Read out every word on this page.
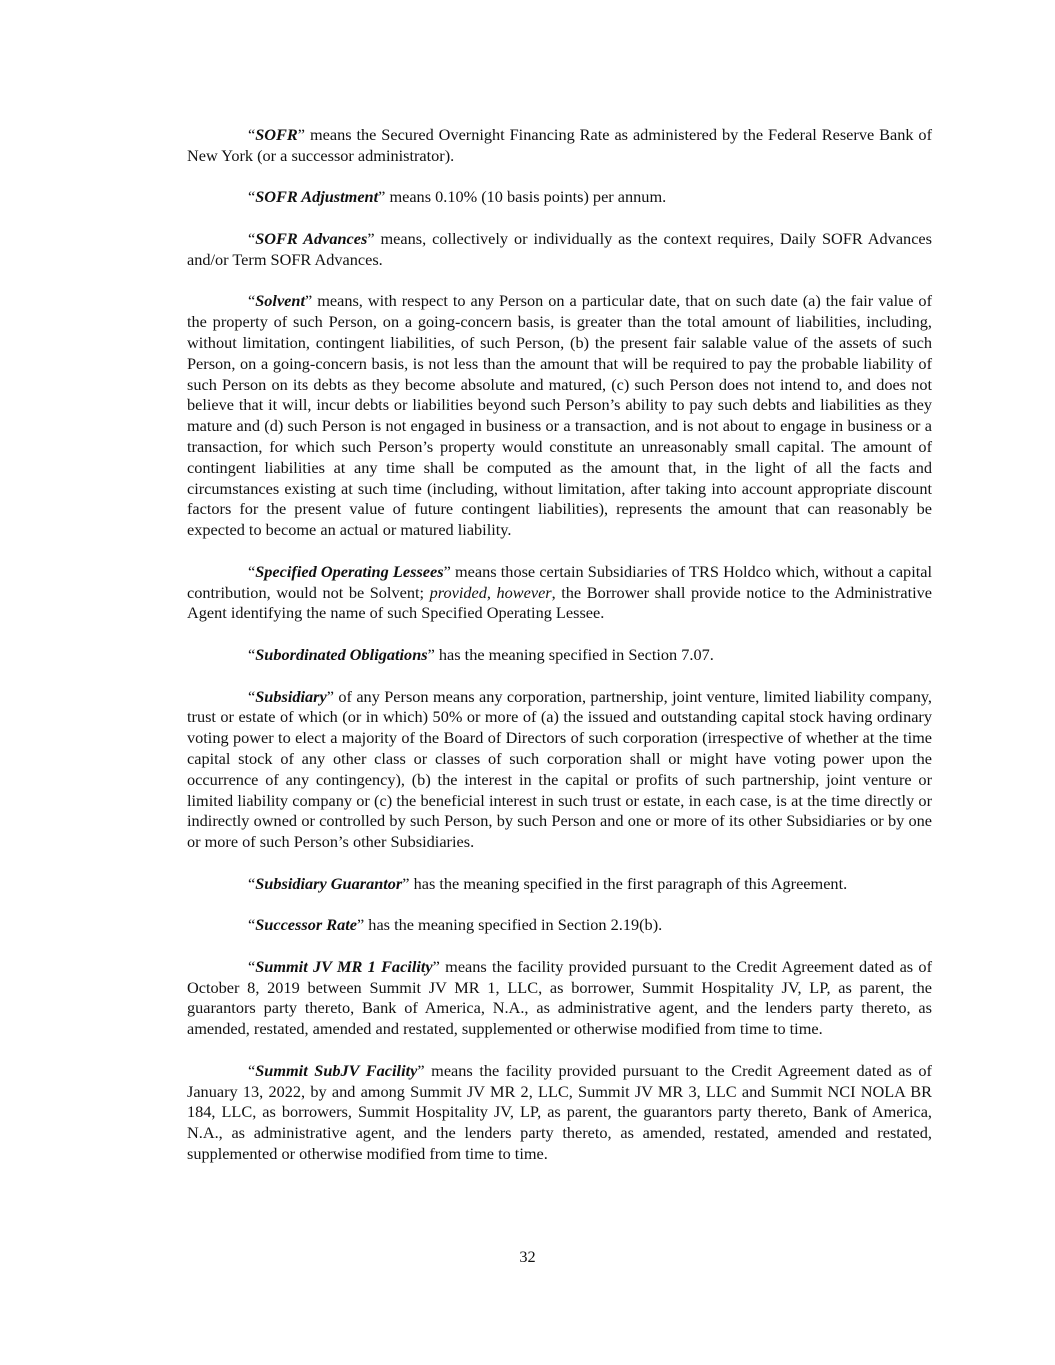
“SOFR” means the Secured Overnight Financing Rate as administered by the Federal Reserve Bank of New York (or a successor administrator).

“SOFR Adjustment” means 0.10% (10 basis points) per annum.

“SOFR Advances” means, collectively or individually as the context requires, Daily SOFR Advances and/or Term SOFR Advances.

“Solvent” means, with respect to any Person on a particular date, that on such date (a) the fair value of the property of such Person, on a going-concern basis, is greater than the total amount of liabilities, including, without limitation, contingent liabilities, of such Person, (b) the present fair salable value of the assets of such Person, on a going-concern basis, is not less than the amount that will be required to pay the probable liability of such Person on its debts as they become absolute and matured, (c) such Person does not intend to, and does not believe that it will, incur debts or liabilities beyond such Person’s ability to pay such debts and liabilities as they mature and (d) such Person is not engaged in business or a transaction, and is not about to engage in business or a transaction, for which such Person’s property would constitute an unreasonably small capital. The amount of contingent liabilities at any time shall be computed as the amount that, in the light of all the facts and circumstances existing at such time (including, without limitation, after taking into account appropriate discount factors for the present value of future contingent liabilities), represents the amount that can reasonably be expected to become an actual or matured liability.

“Specified Operating Lessees” means those certain Subsidiaries of TRS Holdco which, without a capital contribution, would not be Solvent; provided, however, the Borrower shall provide notice to the Administrative Agent identifying the name of such Specified Operating Lessee.

“Subordinated Obligations” has the meaning specified in Section 7.07.

“Subsidiary” of any Person means any corporation, partnership, joint venture, limited liability company, trust or estate of which (or in which) 50% or more of (a) the issued and outstanding capital stock having ordinary voting power to elect a majority of the Board of Directors of such corporation (irrespective of whether at the time capital stock of any other class or classes of such corporation shall or might have voting power upon the occurrence of any contingency), (b) the interest in the capital or profits of such partnership, joint venture or limited liability company or (c) the beneficial interest in such trust or estate, in each case, is at the time directly or indirectly owned or controlled by such Person, by such Person and one or more of its other Subsidiaries or by one or more of such Person’s other Subsidiaries.

“Subsidiary Guarantor” has the meaning specified in the first paragraph of this Agreement.

“Successor Rate” has the meaning specified in Section 2.19(b).

“Summit JV MR 1 Facility” means the facility provided pursuant to the Credit Agreement dated as of October 8, 2019 between Summit JV MR 1, LLC, as borrower, Summit Hospitality JV, LP, as parent, the guarantors party thereto, Bank of America, N.A., as administrative agent, and the lenders party thereto, as amended, restated, amended and restated, supplemented or otherwise modified from time to time.

“Summit SubJV Facility” means the facility provided pursuant to the Credit Agreement dated as of January 13, 2022, by and among Summit JV MR 2, LLC, Summit JV MR 3, LLC and Summit NCI NOLA BR 184, LLC, as borrowers, Summit Hospitality JV, LP, as parent, the guarantors party thereto, Bank of America, N.A., as administrative agent, and the lenders party thereto, as amended, restated, amended and restated, supplemented or otherwise modified from time to time.

32
